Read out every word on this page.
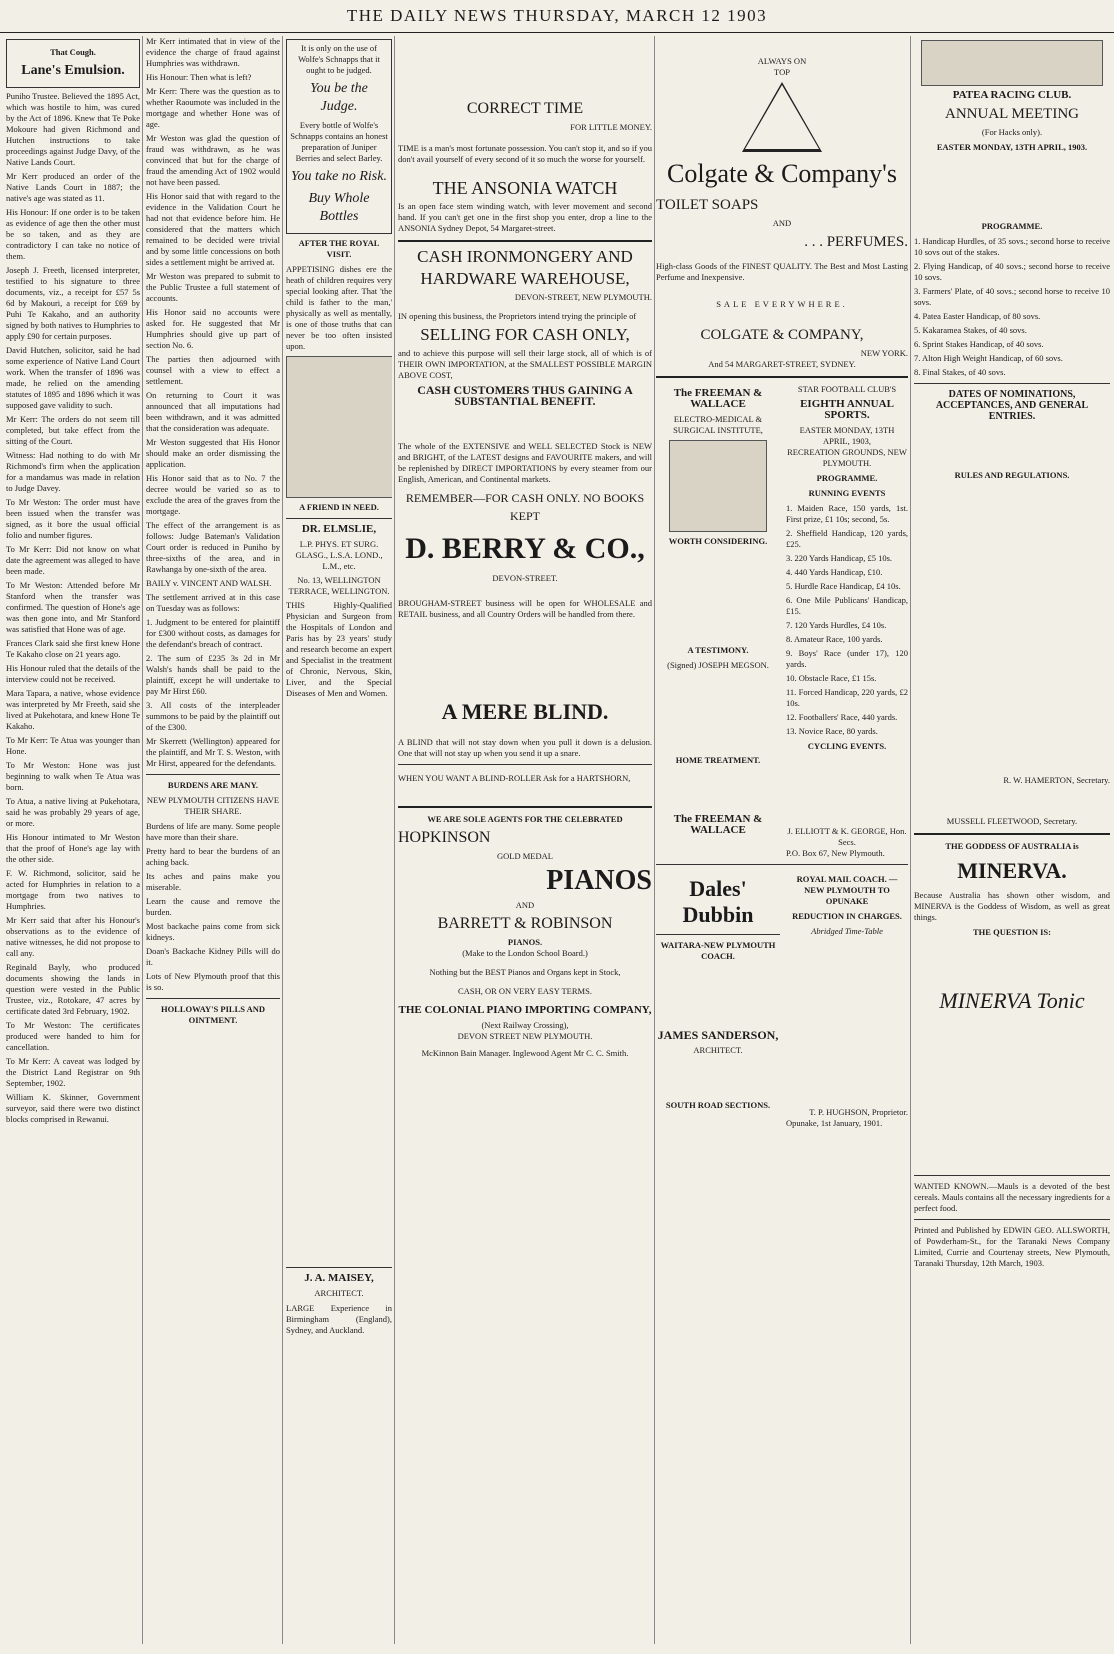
THE DAILY NEWS THURSDAY, MARCH 12 1903
That Cough.
Lane's Emulsion.

Puniho Trustee. Believed the 1895 Act, which was hostile to him, was cured by the Act of 1896. Knew that Te Poke Mokoure had given Richmond and Hutchen instructions to take proceedings against Judge Davy, of the Native Lands Court.

Mr Kerr produced an order of the Native Lands Court in 1887; the native's age was stated as 11.

His Honour: If one order is to be taken as evidence of age then the other must be so taken, and as they are contradictory I can take no notice of them.

Joseph J. Freeth, licensed interpreter, testified to his signature to three documents, viz., a receipt for £57 5s 6d by Makouri, a receipt for £69 by Puhi Te Kakaho, and an authority signed by both natives to Humphries to apply £90 for certain purposes.

David Hutchen, solicitor, said he had some experience of Native Land Court work. When the transfer of 1896 was made, he relied on the amending statutes of 1895 and 1896 which it was supposed gave validity to such.

Mr Kerr: The orders do not seem till completed, but take effect from the sitting of the Court.

Witness: Had nothing to do with Mr Richmond's firm when the application for a mandamus was made in relation to Judge Davey.

To Mr Weston: The order must have been issued when the transfer was signed, as it bore the usual official folio and number figures.

To Mr Kerr: Did not know on what date the agreement was alleged to have been made.

To Mr Weston: Attended before Mr Stanford when the transfer was confirmed. The question of Hone's age was then gone into, and Mr Stanford was satisfied that Hone was of age.

Frances Clark said she first knew Hone Te Kakaho close on 21 years ago.

His Honour ruled that the details of the interview could not be received.

Mara Tapara, a native, whose evidence was interpreted by Mr Freeth, said she lived at Pukehotara, and knew Hone Te Kakaho.

To Mr Kerr: Te Atua was younger than Hone.

To Mr Weston: Hone was just beginning to walk when Te Atua was born.

To Atua, a native living at Pukehotara, said he was probably 29 years of age, or more.

His Honour intimated to Mr Weston that the proof of Hone's age lay with the other side.

F. W. Richmond, solicitor, said he acted for Humphries in relation to a mortgage from two natives to Humphries.

Mr Kerr said that after his Honour's observations as to the evidence of native witnesses, he did not propose to call any.

Reginald Bayly, who produced documents showing the lands in question were vested in the Public Trustee, viz., Rotokare, 47 acres by certificate dated 3rd February, 1902.

To Mr Weston: The certificates produced were handed to him for cancellation.

To Mr Kerr: A caveat was lodged by the District Land Registrar on 9th September, 1902.

William K. Skinner, Government surveyor, said there were two distinct blocks comprised in Rewanui.

Mr Kerr intimated that in view of the evidence the charge of fraud against Humphries was withdrawn.

His Honour: Then what is left?

Mr Kerr: There was the question as to whether Raoumote was included in the mortgage and whether Hone was of age.

Mr Weston was glad the question of fraud was withdrawn, as he was convinced that but for the charge of fraud the amending Act of 1902 would not have been passed.

His Honor said that with regard to the evidence in the Validation Court he had not that evidence before him. He considered that the matters which remained to be decided were trivial and by some little concessions on both sides a settlement might be arrived at.

Mr Weston was prepared to submit to the Public Trustee a full statement of accounts.

His Honor said no accounts were asked for. He suggested that Mr Humphries should give up part of section No. 6.

The parties then adjourned with counsel with a view to effect a settlement.

On returning to Court it was announced that all imputations had been withdrawn, and it was admitted that the consideration was adequate.

Mr Weston suggested that His Honor should make an order dismissing the application.

His Honor said that as to No. 7 the decree would be varied so as to exclude the area of the graves from the mortgage.

The effect of the arrangement is as follows: Judge Bateman's Validation Court order is reduced in Puniho by three-sixths of the area, and in Rawhanga by one-sixth of the area.

BAILY v. VINCENT AND WALSH.

The settlement arrived at in this case on Tuesday was as follows:

1. Judgment to be entered for plaintiff for £300 without costs, as damages for the defendant's breach of contract.

2. The sum of £235 3s 2d in Mr Walsh's hands shall be paid to the plaintiff, except he will undertake to pay Mr Hirst £60.

3. All costs of the interpleader summons to be paid by the plaintiff out of the £300.

Mr Skerrett (Wellington) appeared for the plaintiff, and Mr T. S. Weston, with Mr Hirst, appeared for the defendants.

BURDENS ARE MANY.
NEW PLYMOUTH CITIZENS HAVE THEIR SHARE.

Burdens of life are many. Some people have more than their share.

Pretty hard to bear the burdens of an aching back.

Its aches and pains make you miserable.

Learn the cause and remove the burden.

Most backache pains come from sick kidneys.

Doan's Backache Kidney Pills will do it.

Lots of New Plymouth proof that this is so.

HOLLOWAY'S PILLS AND OINTMENT.

It is only on the use of Wolfe's Schnapps that it ought to be judged.

You be the Judge.

Every bottle of Wolfe's Schnapps contains an honest preparation of Juniper Berries and select Barley.

You take no Risk.
Buy Whole Bottles
AFTER THE ROYAL VISIT.

APPETISING dishes ere the heath of children requires very special looking after. That 'the child is father to the man,' physically as well as mentally, is one of those truths that can never be too often insisted upon.

A FRIEND IN NEED.
DR. ELMSLIE,

L.P. PHYS. ET SURG. GLASG., L.S.A. LOND., L.M., etc.

No. 13, WELLINGTON TERRACE, WELLINGTON.

THIS Highly-Qualified Physician and Surgeon from the Hospitals of London and Paris has by 23 years' study and research become an expert and Specialist in the treatment of Chronic, Nervous, Skin, Liver, and the Special Diseases of Men and Women.

J. A. MAISEY,
ARCHITECT.

LARGE Experience in Birmingham (England), Sydney, and Auckland.

CORRECT TIME
FOR LITTLE MONEY.

TIME is a man's most fortunate possession. You can't stop it, and so if you don't avail yourself of every second of it so much the worse for yourself.

THE ANSONIA WATCH

Is an open face stem winding watch, with lever movement and second hand. If you can't get one in the first shop you enter, drop a line to the ANSONIA Sydney Depot, 54 Margaret-street.

CASH IRONMONGERY AND
HARDWARE WAREHOUSE,
DEVON-STREET, NEW PLYMOUTH.

IN opening this business, the Proprietors intend trying the principle of

SELLING FOR CASH ONLY,

and to achieve this purpose will sell their large stock, all of which is of THEIR OWN IMPORTATION, at the SMALLEST POSSIBLE MARGIN ABOVE COST,

CASH CUSTOMERS THUS GAINING A SUBSTANTIAL BENEFIT.

The whole of the EXTENSIVE and WELL SELECTED Stock is NEW and BRIGHT, of the LATEST designs and FAVOURITE makers, and will be replenished by DIRECT IMPORTATIONS by every steamer from our English, American, and Continental markets.

REMEMBER—FOR CASH ONLY. NO BOOKS KEPT
D. BERRY & CO.,
DEVON-STREET.

BROUGHAM-STREET business will be open for WHOLESALE and RETAIL business, and all Country Orders will be handled from there.

A MERE BLIND.

A BLIND that will not stay down when you pull it down is a delusion. One that will not stay up when you send it up a snare.

WHEN YOU WANT A BLIND-ROLLER Ask for a HARTSHORN,

WE ARE SOLE AGENTS FOR THE CELEBRATED
HOPKINSON
GOLD MEDAL
PIANOS
AND
BARRETT & ROBINSON
PIANOS.
(Make to the London School Board.)
Nothing but the BEST Pianos and Organs kept in Stock,
CASH, OR ON VERY EASY TERMS.
THE COLONIAL PIANO IMPORTING COMPANY,
(Next Railway Crossing),
DEVON STREET NEW PLYMOUTH.
McKinnon Bain Manager. Inglewood Agent Mr C. C. Smith.
ALWAYS ON
TOP
Colgate & Company's
TOILET SOAPS
AND
. . . PERFUMES.

High-class Goods of the FINEST QUALITY. The Best and Most Lasting Perfume and Inexpensive.

SALE EVERYWHERE.
COLGATE & COMPANY,
NEW YORK.
And 54 MARGARET-STREET, SYDNEY.
The FREEMAN & WALLACE
ELECTRO-MEDICAL & SURGICAL INSTITUTE,
WORTH CONSIDERING.
A TESTIMONY.
(Signed) JOSEPH MEGSON.
HOME TREATMENT.
The FREEMAN & WALLACE
STAR FOOTBALL CLUB'S
EIGHTH ANNUAL SPORTS.
EASTER MONDAY, 13TH APRIL, 1903,
RECREATION GROUNDS, NEW PLYMOUTH.
PROGRAMME.
RUNNING EVENTS

1. Maiden Race, 150 yards, 1st. First prize, £1 10s; second, 5s.

2. Sheffield Handicap, 120 yards, £25.

3. 220 Yards Handicap, £5 10s.

4. 440 Yards Handicap, £10.

5. Hurdle Race Handicap, £4 10s.

6. One Mile Publicans' Handicap, £15.

7. 120 Yards Hurdles, £4 10s.

8. Amateur Race, 100 yards.

9. Boys' Race (under 17), 120 yards.

10. Obstacle Race, £1 15s.

11. Forced Handicap, 220 yards, £2 10s.

12. Footballers' Race, 440 yards.

13. Novice Race, 80 yards.

CYCLING EVENTS.
J. ELLIOTT & K. GEORGE, Hon. Secs.
P.O. Box 67, New Plymouth.
Dales' Dubbin
WAITARA-NEW PLYMOUTH COACH.
JAMES SANDERSON,
ARCHITECT.
SOUTH ROAD SECTIONS.
ROYAL MAIL COACH. — NEW PLYMOUTH TO OPUNAKE
REDUCTION IN CHARGES.
Abridged Time-Table
T. P. HUGHSON, Proprietor.
Opunake, 1st January, 1901.
PATEA RACING CLUB.
ANNUAL MEETING
(For Hacks only).
EASTER MONDAY, 13TH APRIL, 1903.
PROGRAMME.

1. Handicap Hurdles, of 35 sovs.; second horse to receive 10 sovs out of the stakes.

2. Flying Handicap, of 40 sovs.; second horse to receive 10 sovs.

3. Farmers' Plate, of 40 sovs.; second horse to receive 10 sovs.

4. Patea Easter Handicap, of 80 sovs.

5. Kakaramea Stakes, of 40 sovs.

6. Sprint Stakes Handicap, of 40 sovs.

7. Alton High Weight Handicap, of 60 sovs.

8. Final Stakes, of 40 sovs.

DATES OF NOMINATIONS, ACCEPTANCES, AND GENERAL ENTRIES.
RULES AND REGULATIONS.
R. W. HAMERTON, Secretary.
MUSSELL FLEETWOOD, Secretary.
THE GODDESS OF AUSTRALIA is
MINERVA.

Because Australia has shown other wisdom, and MINERVA is the Goddess of Wisdom, as well as great things.

THE QUESTION IS:
MINERVA Tonic

WANTED KNOWN.—Mauls is a devoted of the best cereals. Mauls contains all the necessary ingredients for a perfect food.

Printed and Published by EDWIN GEO. ALLSWORTH, of Powderham-St., for the Taranaki News Company Limited, Currie and Courtenay streets, New Plymouth, Taranaki Thursday, 12th March, 1903.
